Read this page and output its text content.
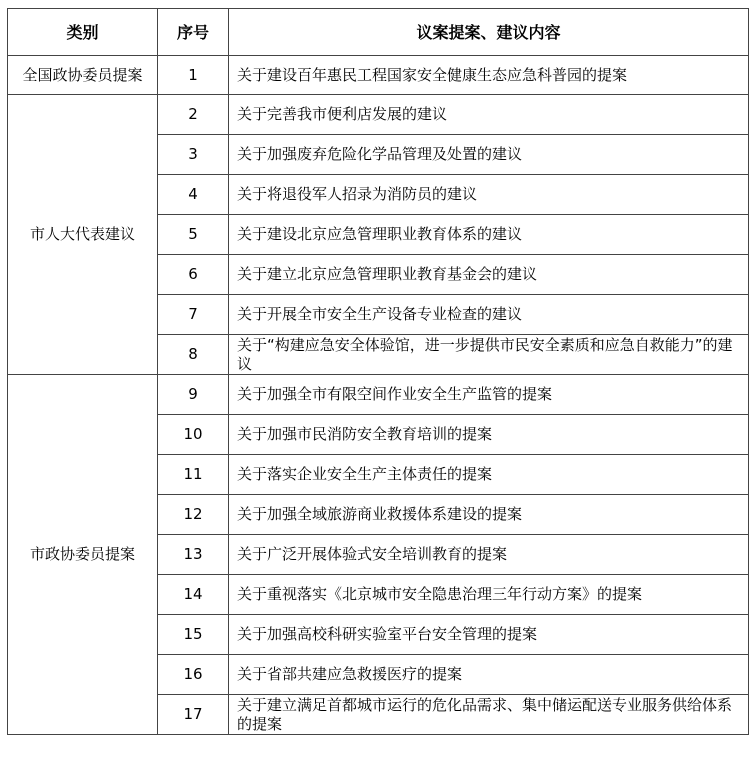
类别	序号	议案提案、建议内容
全国政协委员提案	1	关于建设百年惠民工程国家安全健康生态应急科普园的提案
市人大代表建议	2	关于完善我市便利店发展的建议
	3	关于加强废弃危险化学品管理及处置的建议
	4	关于将退役军人招录为消防员的建议
	5	关于建设北京应急管理职业教育体系的建议
	6	关于建立北京应急管理职业教育基金会的建议
	7	关于开展全市安全生产设备专业检查的建议
	8	关于“构建应急安全体验馆，进一步提供市民安全素质和应急自救能力”的建议
市政协委员提案	9	关于加强全市有限空间作业安全生产监管的提案
	10	关于加强市民消防安全教育培训的提案
	11	关于落实企业安全生产主体责任的提案
	12	关于加强全域旅游商业救援体系建设的提案
	13	关于广泛开展体验式安全培训教育的提案
	14	关于重视落实《北京城市安全隐患治理三年行动方案》的提案
	15	关于加强高校科研实验室平台安全管理的提案
	16	关于省部共建应急救援医疗的提案
	17	关于建立满足首都城市运行的危化品需求、集中储运配送专业服务供给体系的提案
